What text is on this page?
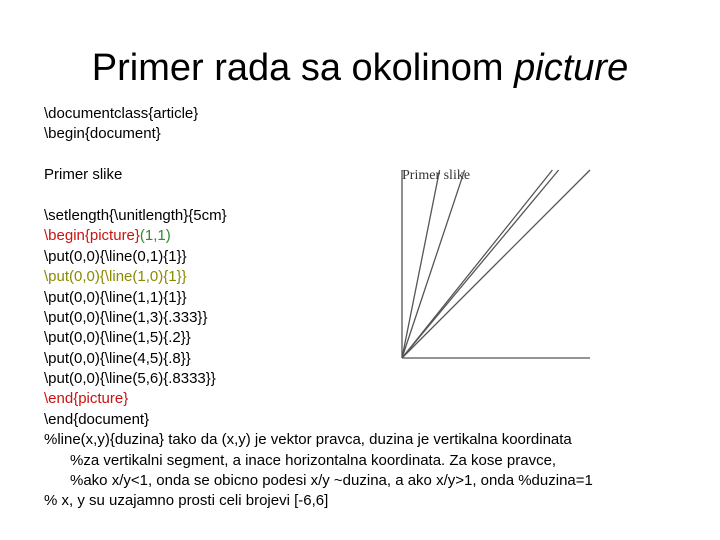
Primer rada sa okolinom picture
\documentclass{article}
\begin{document}
Primer slike
\setlength{\unitlength}{5cm}
\begin{picture}(1,1)
\put(0,0){\line(0,1){1}}
\put(0,0){\line(1,0){1}}
\put(0,0){\line(1,1){1}}
\put(0,0){\line(1,3){.333}}
\put(0,0){\line(1,5){.2}}
\put(0,0){\line(4,5){.8}}
\put(0,0){\line(5,6){.8333}}
\end{picture}
\end{document}
%line(x,y){duzina} tako da (x,y) je vektor pravca, duzina je vertikalna koordinata
%za vertikalni segment, a inace horizontalna koordinata. Za kose pravce,
%ako x/y<1, onda se obicno podesi x/y ~duzina, a ako x/y>1, onda %duzina=1
% x, y su uzajamno prosti celi brojevi [-6,6]
Primer slike
